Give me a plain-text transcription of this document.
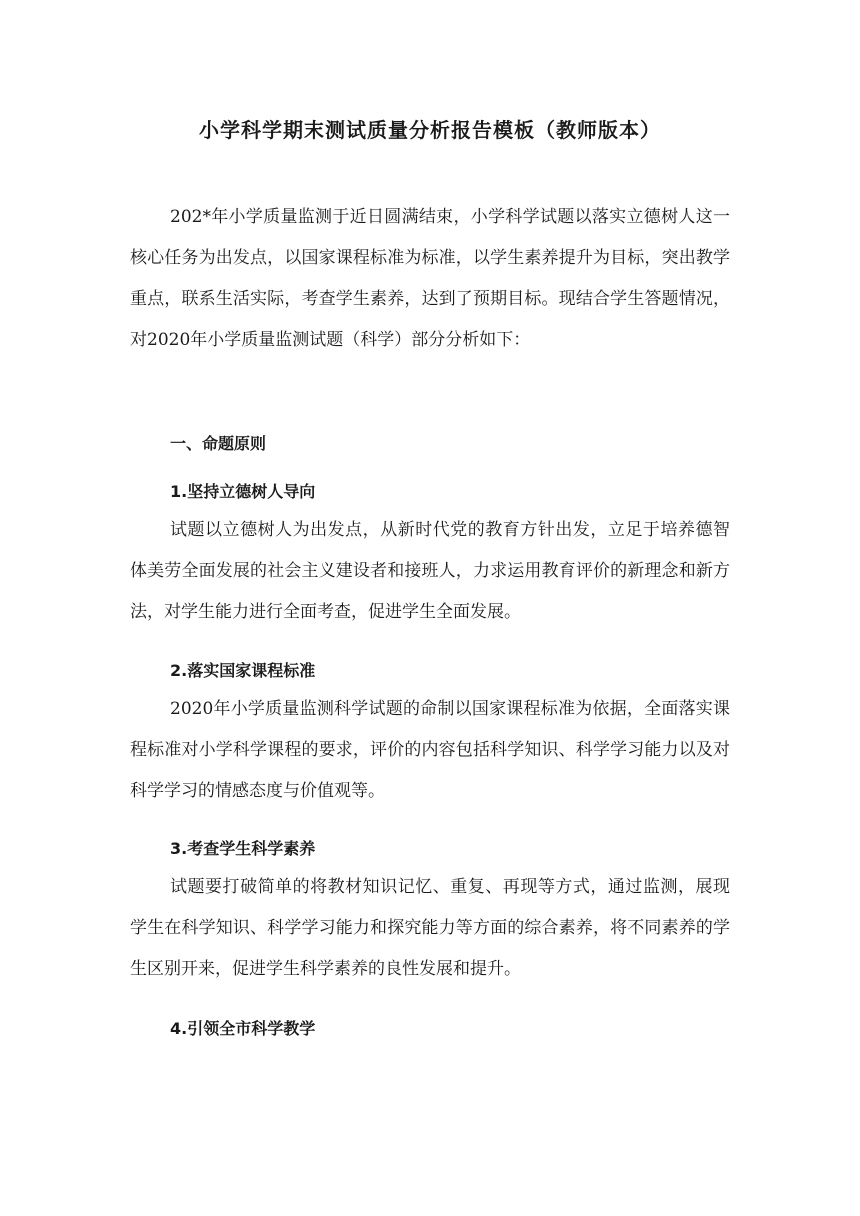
小学科学期末测试质量分析报告模板（教师版本）

202*年小学质量监测于近日圆满结束，小学科学试题以落实立德树人这一核心任务为出发点，以国家课程标准为标准，以学生素养提升为目标，突出教学重点，联系生活实际，考查学生素养，达到了预期目标。现结合学生答题情况，对2020年小学质量监测试题（科学）部分分析如下：

一、命题原则
1.坚持立德树人导向

试题以立德树人为出发点，从新时代党的教育方针出发，立足于培养德智体美劳全面发展的社会主义建设者和接班人，力求运用教育评价的新理念和新方法，对学生能力进行全面考查，促进学生全面发展。

2.落实国家课程标准

2020年小学质量监测科学试题的命制以国家课程标准为依据，全面落实课程标准对小学科学课程的要求，评价的内容包括科学知识、科学学习能力以及对科学学习的情感态度与价值观等。

3.考查学生科学素养

试题要打破简单的将教材知识记忆、重复、再现等方式，通过监测，展现学生在科学知识、科学学习能力和探究能力等方面的综合素养，将不同素养的学生区别开来，促进学生科学素养的良性发展和提升。

4.引领全市科学教学
